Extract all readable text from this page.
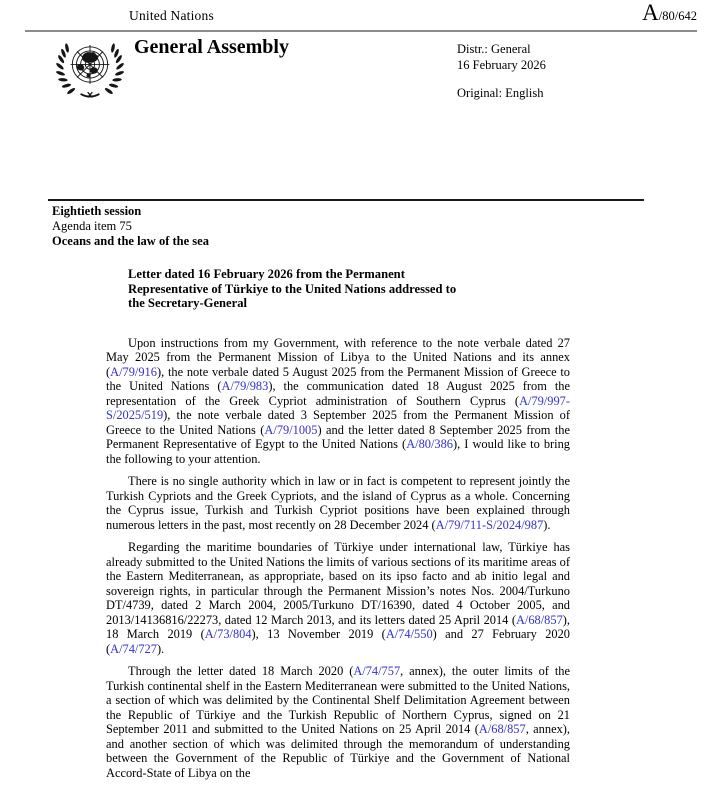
United Nations	A /80/642
General Assembly	Distr.: General
16 February 2026
Original: English
Eightieth session
Agenda item 75
Oceans and the law of the sea
Letter dated 16 February 2026 from the Permanent
Representative of Türkiye to the United Nations addressed to
the Secretary-General

Upon instructions from my Government, with reference to the note verbale dated 27 May 2025 from the Permanent Mission of Libya to the United Nations and its annex (A/79/916), the note verbale dated 5 August 2025 from the Permanent Mission of Greece to the United Nations (A/79/983), the communication dated 18 August 2025 from the representation of the Greek Cypriot administration of Southern Cyprus (A/79/997-S/2025/519), the note verbale dated 3 September 2025 from the Permanent Mission of Greece to the United Nations (A/79/1005) and the letter dated 8 September 2025 from the Permanent Representative of Egypt to the United Nations (A/80/386), I would like to bring the following to your attention.

There is no single authority which in law or in fact is competent to represent jointly the Turkish Cypriots and the Greek Cypriots, and the island of Cyprus as a whole. Concerning the Cyprus issue, Turkish and Turkish Cypriot positions have been explained through numerous letters in the past, most recently on 28 December 2024 (A/79/711-S/2024/987).

Regarding the maritime boundaries of Türkiye under international law, Türkiye has already submitted to the United Nations the limits of various sections of its maritime areas of the Eastern Mediterranean, as appropriate, based on its ipso facto and ab initio legal and sovereign rights, in particular through the Permanent Mission’s notes Nos. 2004/Turkuno DT/4739, dated 2 March 2004, 2005/Turkuno DT/16390, dated 4 October 2005, and 2013/14136816/22273, dated 12 March 2013, and its letters dated 25 April 2014 (A/68/857), 18 March 2019 (A/73/804), 13 November 2019 (A/74/550) and 27 February 2020 (A/74/727).

Through the letter dated 18 March 2020 (A/74/757, annex), the outer limits of the Turkish continental shelf in the Eastern Mediterranean were submitted to the United Nations, a section of which was delimited by the Continental Shelf Delimitation Agreement between the Republic of Türkiye and the Turkish Republic of Northern Cyprus, signed on 21 September 2011 and submitted to the United Nations on 25 April 2014 (A/68/857, annex), and another section of which was delimited through the memorandum of understanding between the Government of the Republic of Türkiye and the Government of National Accord-State of Libya on the
